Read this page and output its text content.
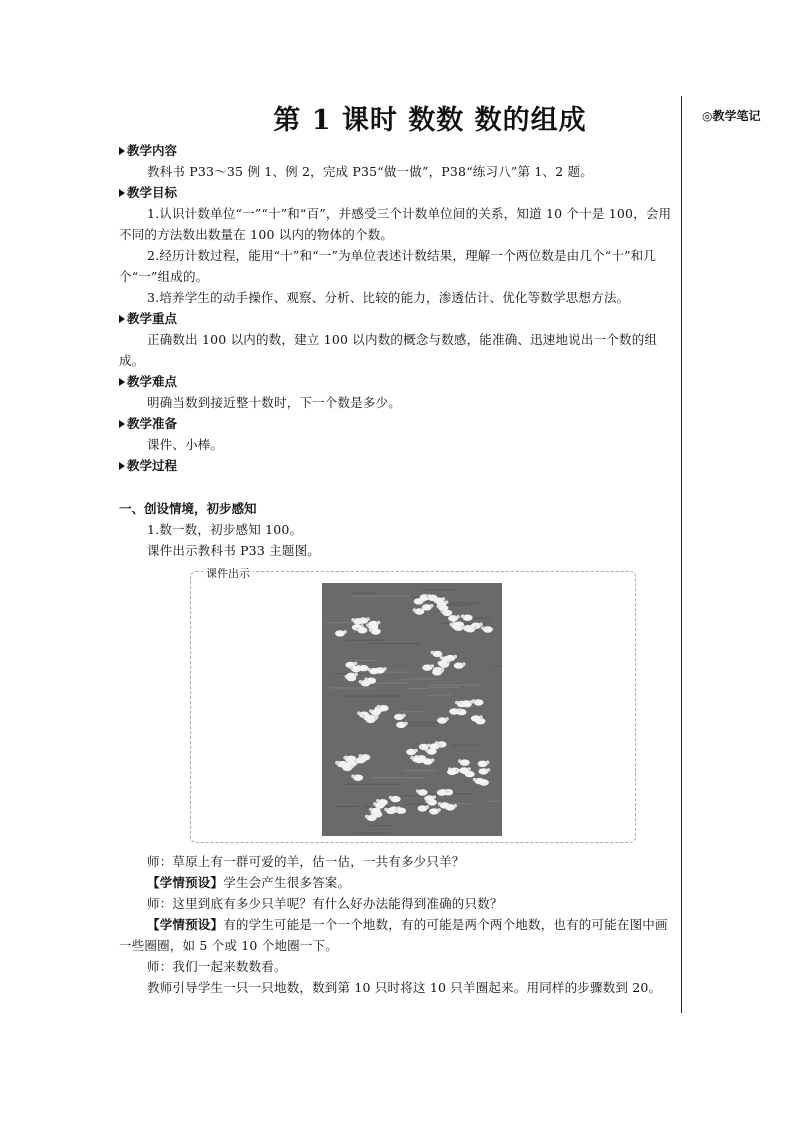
◎教学笔记
第 1 课时 数数 数的组成
教学内容
教科书 P33～35 例 1、例 2，完成 P35“做一做”，P38“练习八”第 1、2 题。
教学目标
1.认识计数单位“一”“十”和“百”，并感受三个计数单位间的关系，知道 10 个十是 100，会用不同的方法数出数量在 100 以内的物体的个数。
2.经历计数过程，能用“十”和“一”为单位表述计数结果，理解一个两位数是由几个“十”和几个“一”组成的。
3.培养学生的动手操作、观察、分析、比较的能力，渗透估计、优化等数学思想方法。
教学重点
正确数出 100 以内的数，建立 100 以内数的概念与数感，能准确、迅速地说出一个数的组成。
教学难点
明确当数到接近整十数时，下一个数是多少。
教学准备
课件、小棒。
教学过程
一、创设情境，初步感知
1.数一数，初步感知 100。
课件出示教科书 P33 主题图。
课件出示
师：草原上有一群可爱的羊，估一估，一共有多少只羊？
【学情预设】学生会产生很多答案。
师：这里到底有多少只羊呢？有什么好办法能得到准确的只数？
【学情预设】有的学生可能是一个一个地数，有的可能是两个两个地数，也有的可能在图中画一些圈圈，如 5 个或 10 个地圈一下。
师：我们一起来数数看。
教师引导学生一只一只地数，数到第 10 只时将这 10 只羊圈起来。用同样的步骤数到 20。
